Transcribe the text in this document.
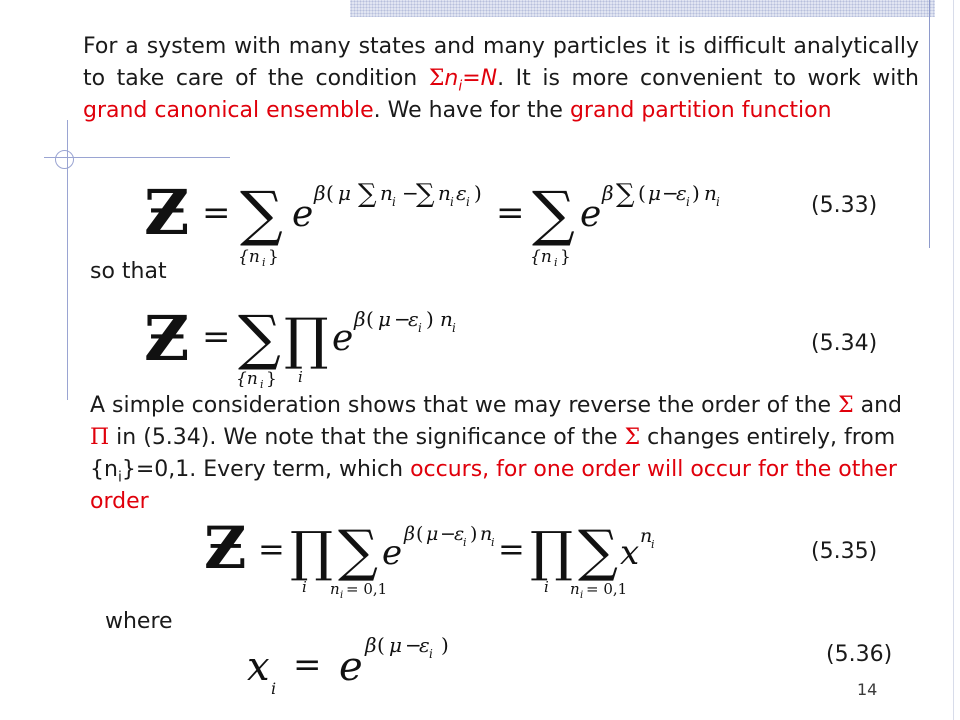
For a system with many states and many particles it is difficult analytically to take care of the condition $\Sigma n_i=N$. It is more convenient to work with grand canonical ensemble. We have for the grand partition function
Ƶ = ∑
{n i }
e
β ( μ ∑ n i −
∑ n i ε i ) = ∑
{n i }
e
β ∑ ( μ −
ε i ) n i	(5.33)
so that
Ƶ = ∑
{n i }
∏
i
e β ( μ −
ε i ) n i
(5.34)
A simple consideration shows that we may reverse the order of the Σ and Π in (5.34). We note that the significance of the Σ changes entirely, from $\{n_i\}=0,1$. Every term, which occurs, for one order will occur for the other order
Ƶ = ∏
i
∑
n i = 0,1
e β ( μ −
ε
i ) n
i = ∏
i
∑
n i = 0,1
x n
i	(5.35)
where
x i
= e β ( μ −
ε i )	(5.36)
14
